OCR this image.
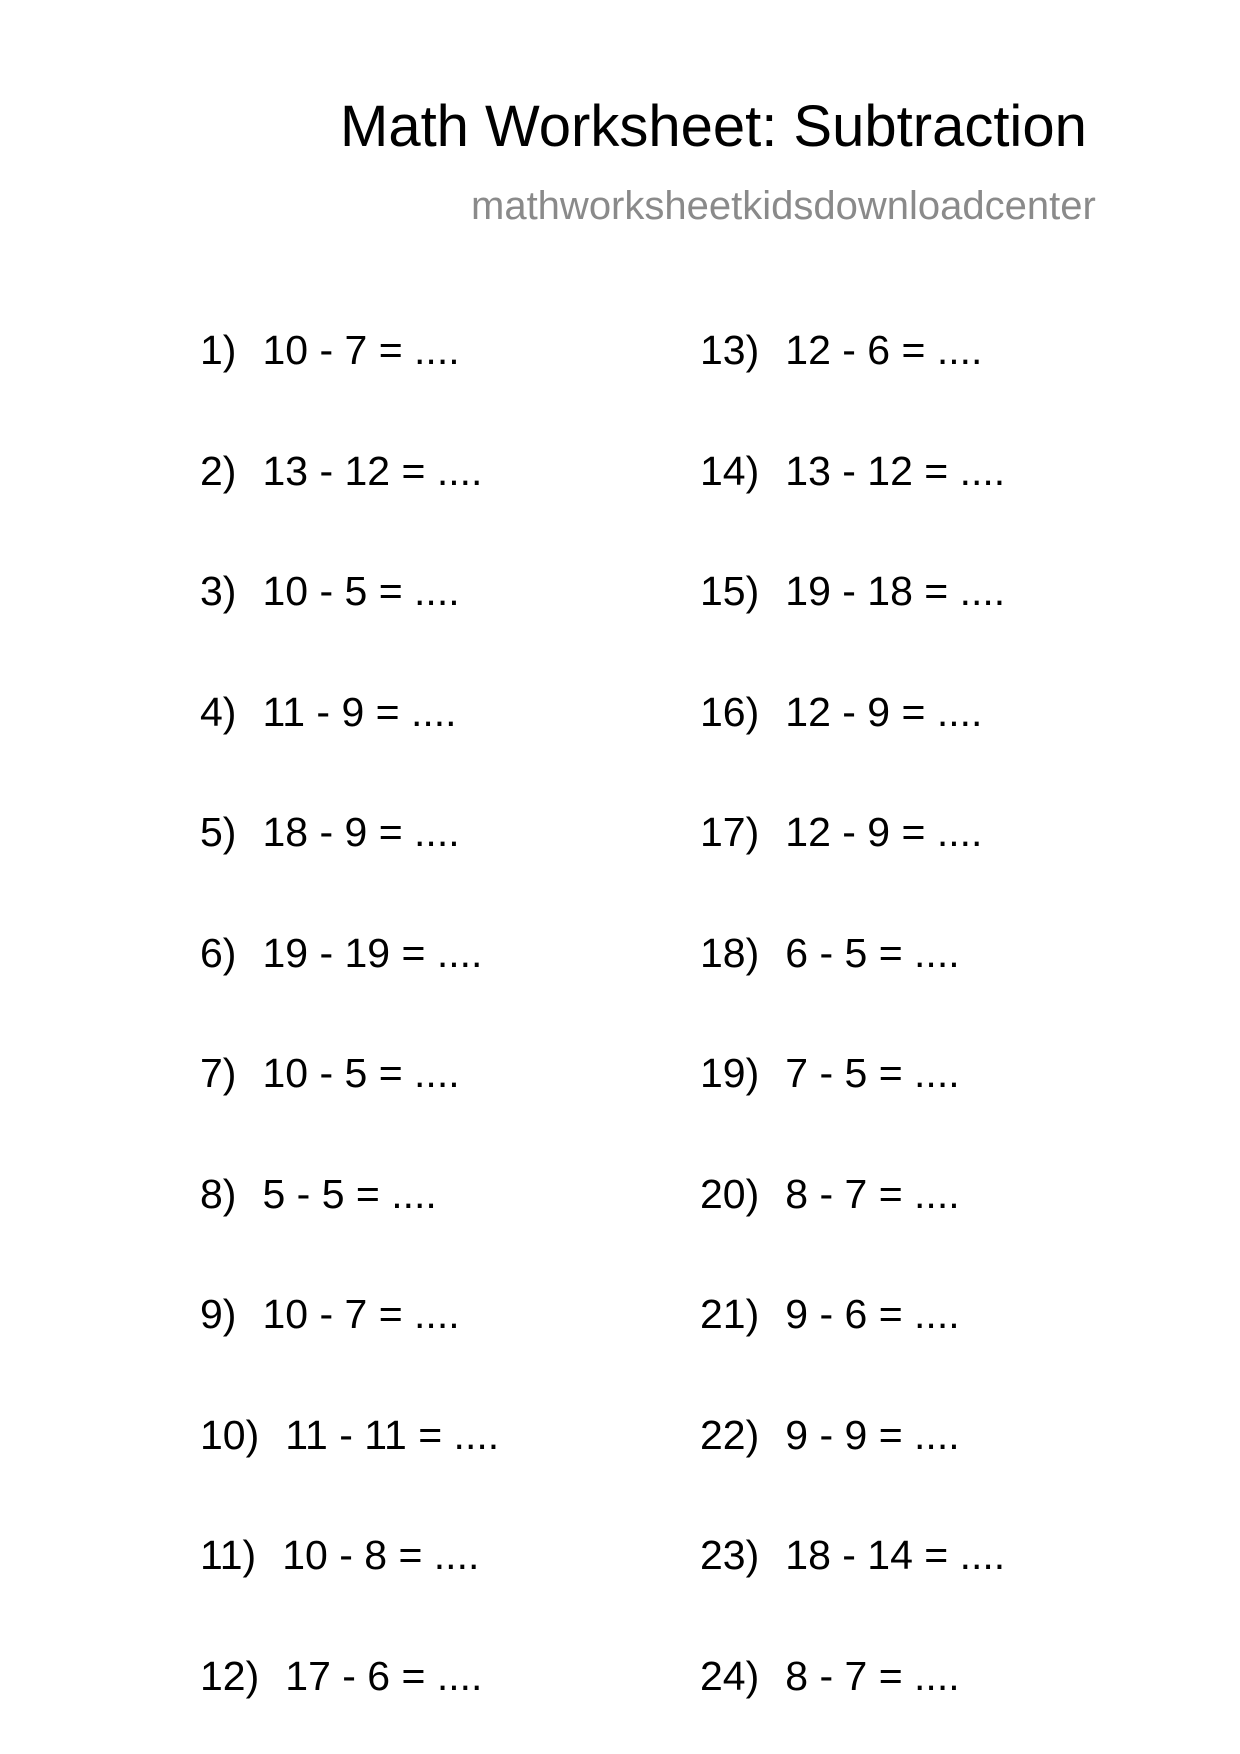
Math Worksheet: Subtraction
mathworksheetkidsdownloadcenter
1) 10 - 7 = ....
2) 13 - 12 = ....
3) 10 - 5 = ....
4) 11 - 9 = ....
5) 18 - 9 = ....
6) 19 - 19 = ....
7) 10 - 5 = ....
8) 5 - 5 = ....
9) 10 - 7 = ....
10) 11 - 11 = ....
11) 10 - 8 = ....
12) 17 - 6 = ....
13) 12 - 6 = ....
14) 13 - 12 = ....
15) 19 - 18 = ....
16) 12 - 9 = ....
17) 12 - 9 = ....
18) 6 - 5 = ....
19) 7 - 5 = ....
20) 8 - 7 = ....
21) 9 - 6 = ....
22) 9 - 9 = ....
23) 18 - 14 = ....
24) 8 - 7 = ....
